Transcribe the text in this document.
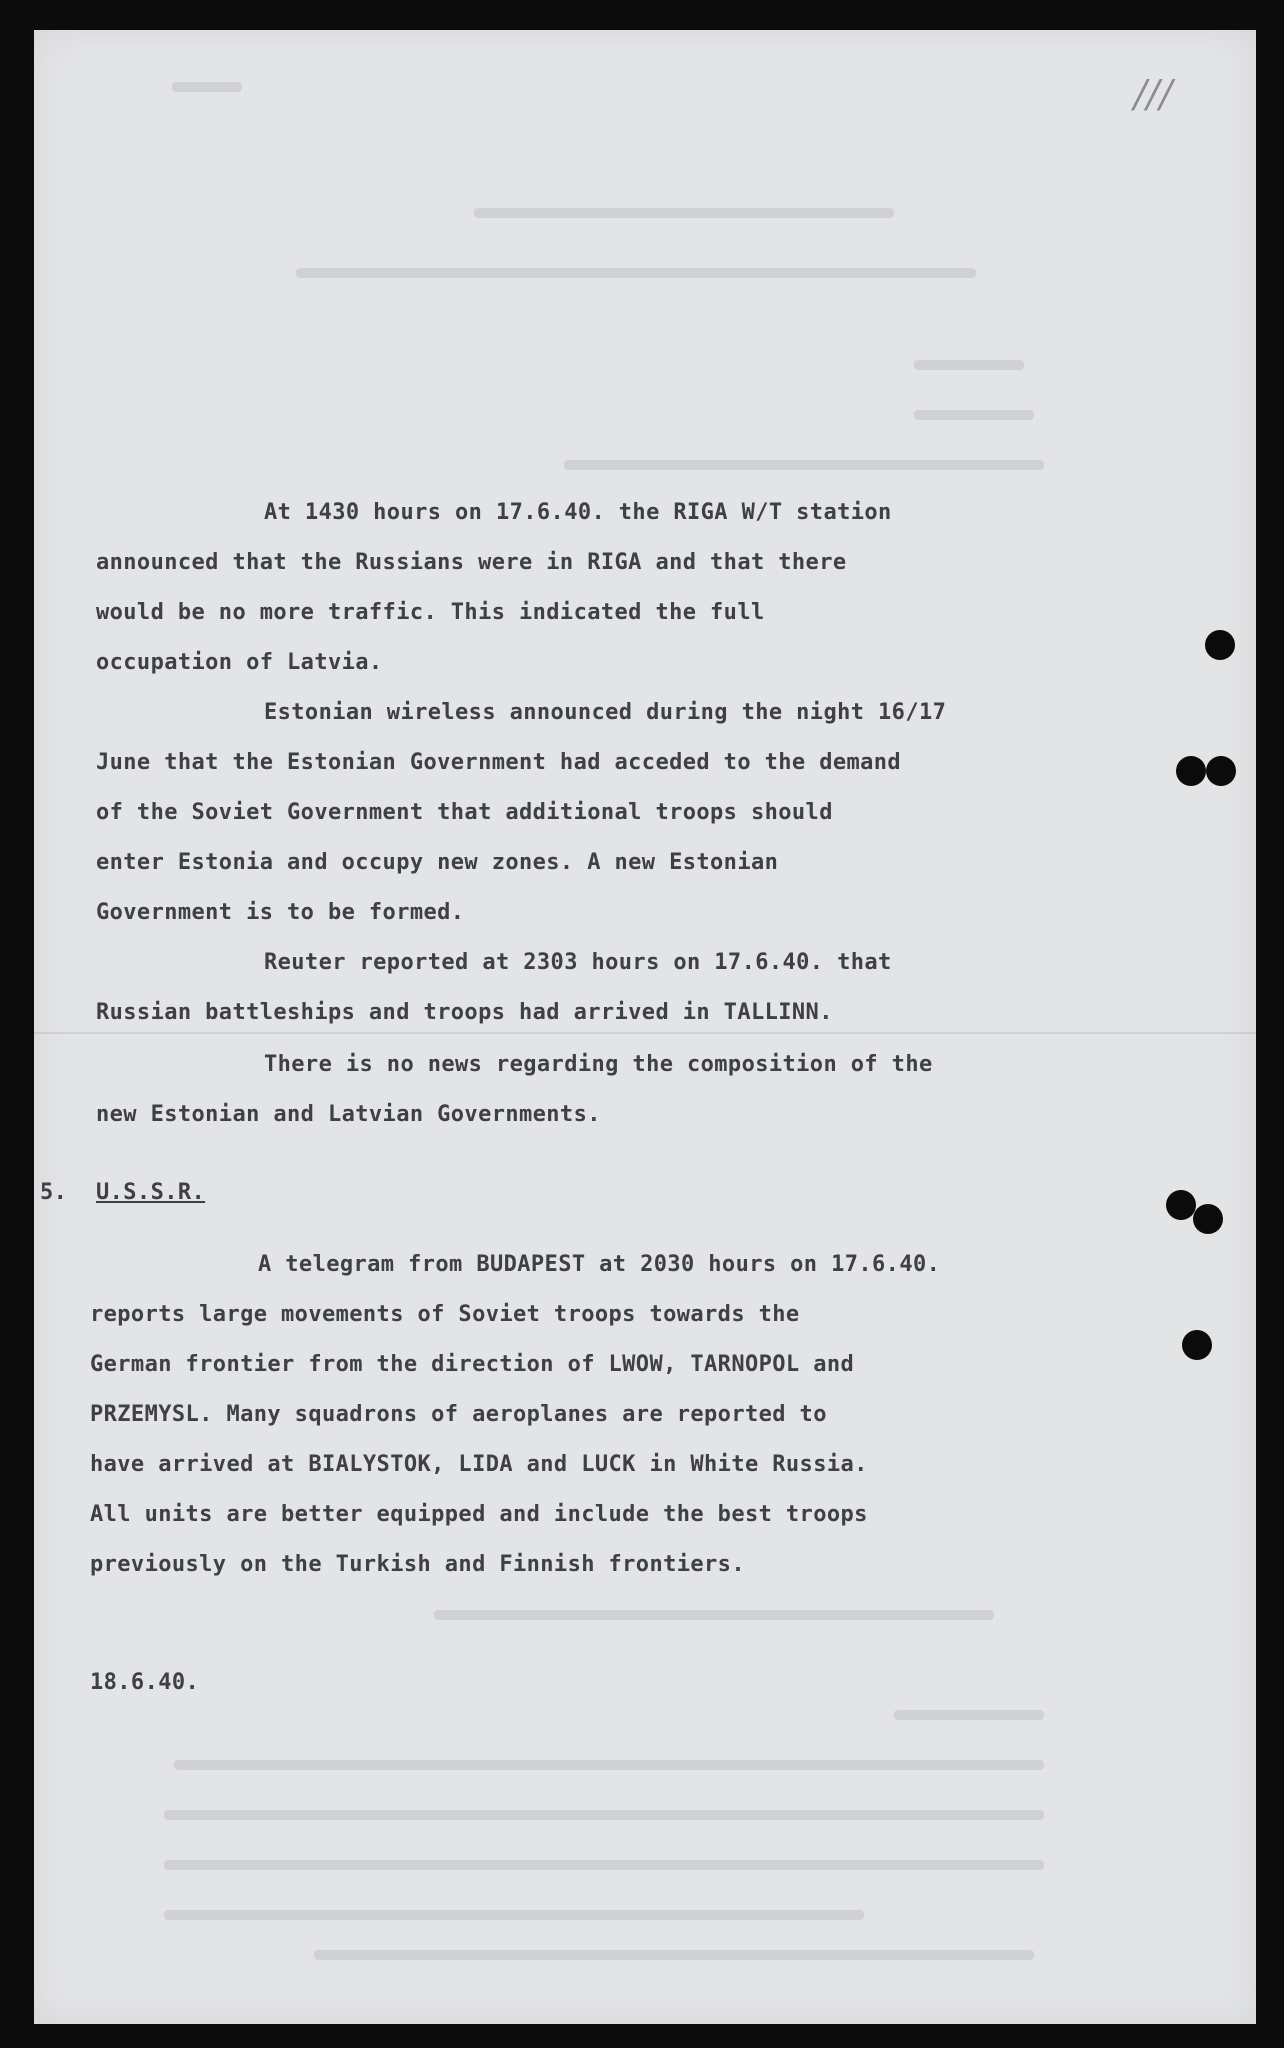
///

At 1430 hours on 17.6.40. the RIGA W/T station

announced that the Russians were in RIGA and that there

would be no more traffic. This indicated the full

occupation of Latvia.

Estonian wireless announced during the night 16/17

June that the Estonian Government had acceded to the demand

of the Soviet Government that additional troops should

enter Estonia and occupy new zones. A new Estonian

Government is to be formed.

Reuter reported at 2303 hours on 17.6.40. that

Russian battleships and troops had arrived in TALLINN.

There is no news regarding the composition of the

new Estonian and Latvian Governments.

5. U.S.S.R.

A telegram from BUDAPEST at 2030 hours on 17.6.40.

reports large movements of Soviet troops towards the

German frontier from the direction of LWOW, TARNOPOL and

PRZEMYSL. Many squadrons of aeroplanes are reported to

have arrived at BIALYSTOK, LIDA and LUCK in White Russia.

All units are better equipped and include the best troops

previously on the Turkish and Finnish frontiers.

18.6.40.
